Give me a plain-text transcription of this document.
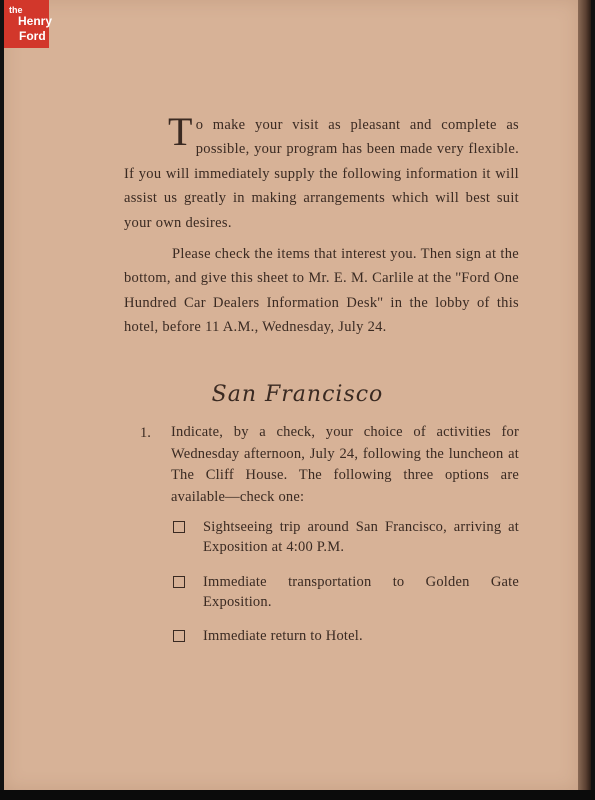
the
Henry
Ford
To make your visit as pleasant and complete as possible, your program has been made very flexible. If you will immediately supply the following information it will assist us greatly in making arrangements which will best suit your own desires.
Please check the items that interest you. Then sign at the bottom, and give this sheet to Mr. E. M. Carlile at the ''Ford One Hundred Car Dealers Information Desk'' in the lobby of this hotel, before 11 A.M., Wednesday, July 24.
San Francisco
1. Indicate, by a check, your choice of activities for Wednesday afternoon, July 24, following the luncheon at The Cliff House. The following three options are available—check one:
Sightseeing trip around San Francisco, arriving at Exposition at 4:00 P.M.
Immediate transportation to Golden Gate Exposition.
Immediate return to Hotel.
